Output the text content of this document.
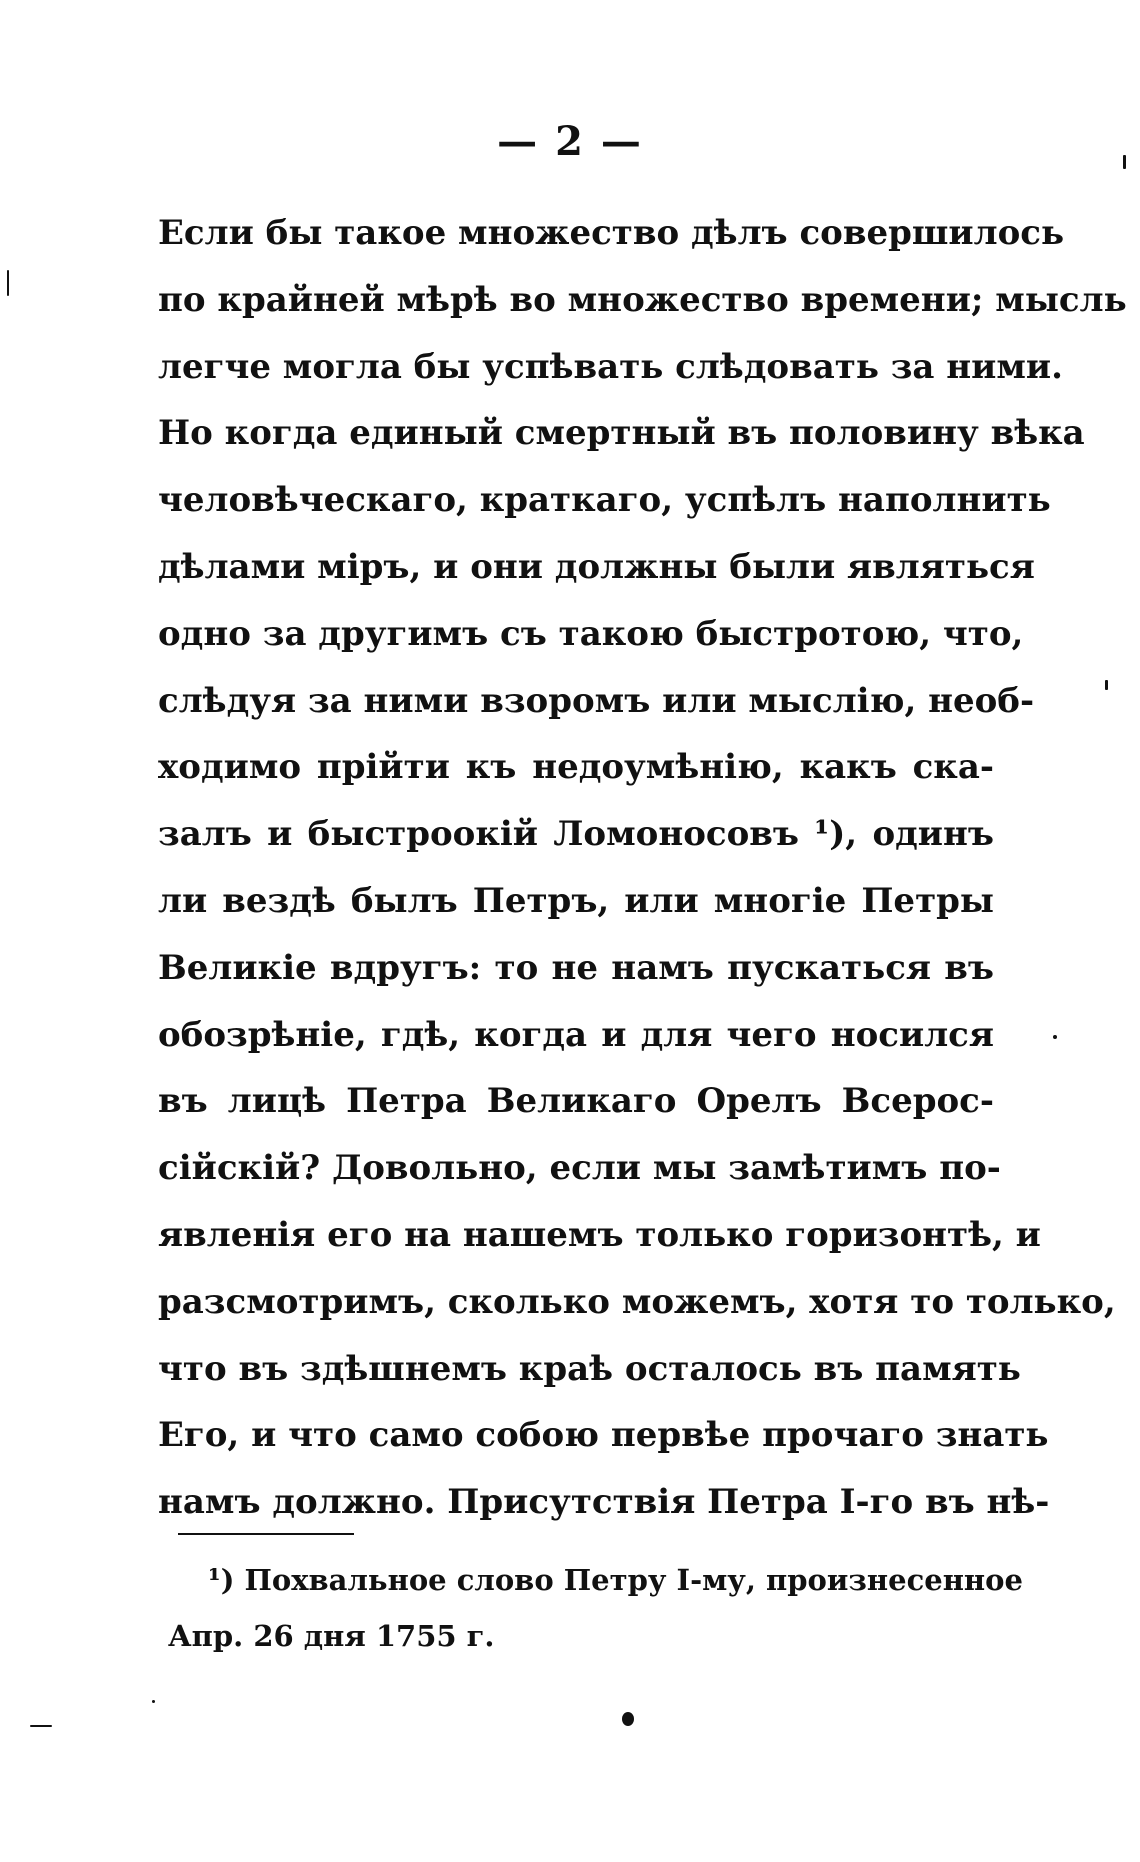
— 2 —
Если бы такое множество дѣлъ совершилось
по крайней мѣрѣ во множество времени; мысль
легче могла бы успѣвать слѣдовать за ними.
Но когда единый смертный въ половину вѣка
человѣческаго, краткаго, успѣлъ наполнить
дѣлами міръ, и они должны были являться
одно за другимъ съ такою быстротою, что,
слѣдуя за ними взоромъ или мыслію, необ-
ходимо прійти къ недоумѣнію, какъ ска-
залъ и быстроокій Ломоносовъ ¹), одинъ
ли вездѣ былъ Петръ, или многіе Петры
Великіе вдругъ: то не намъ пускаться въ
обозрѣніе, гдѣ, когда и для чего носился
въ лицѣ Петра Великаго Орелъ Всерос-
сійскій? Довольно, если мы замѣтимъ по-
явленія его на нашемъ только горизонтѣ, и
разсмотримъ, сколько можемъ, хотя то только,
что въ здѣшнемъ краѣ осталось въ память
Его, и что само собою первѣе прочаго знать
намъ должно. Присутствія Петра I-го въ нѣ-
¹) Похвальное слово Петру I-му, произнесенное
Апр. 26 дня 1755 г.
